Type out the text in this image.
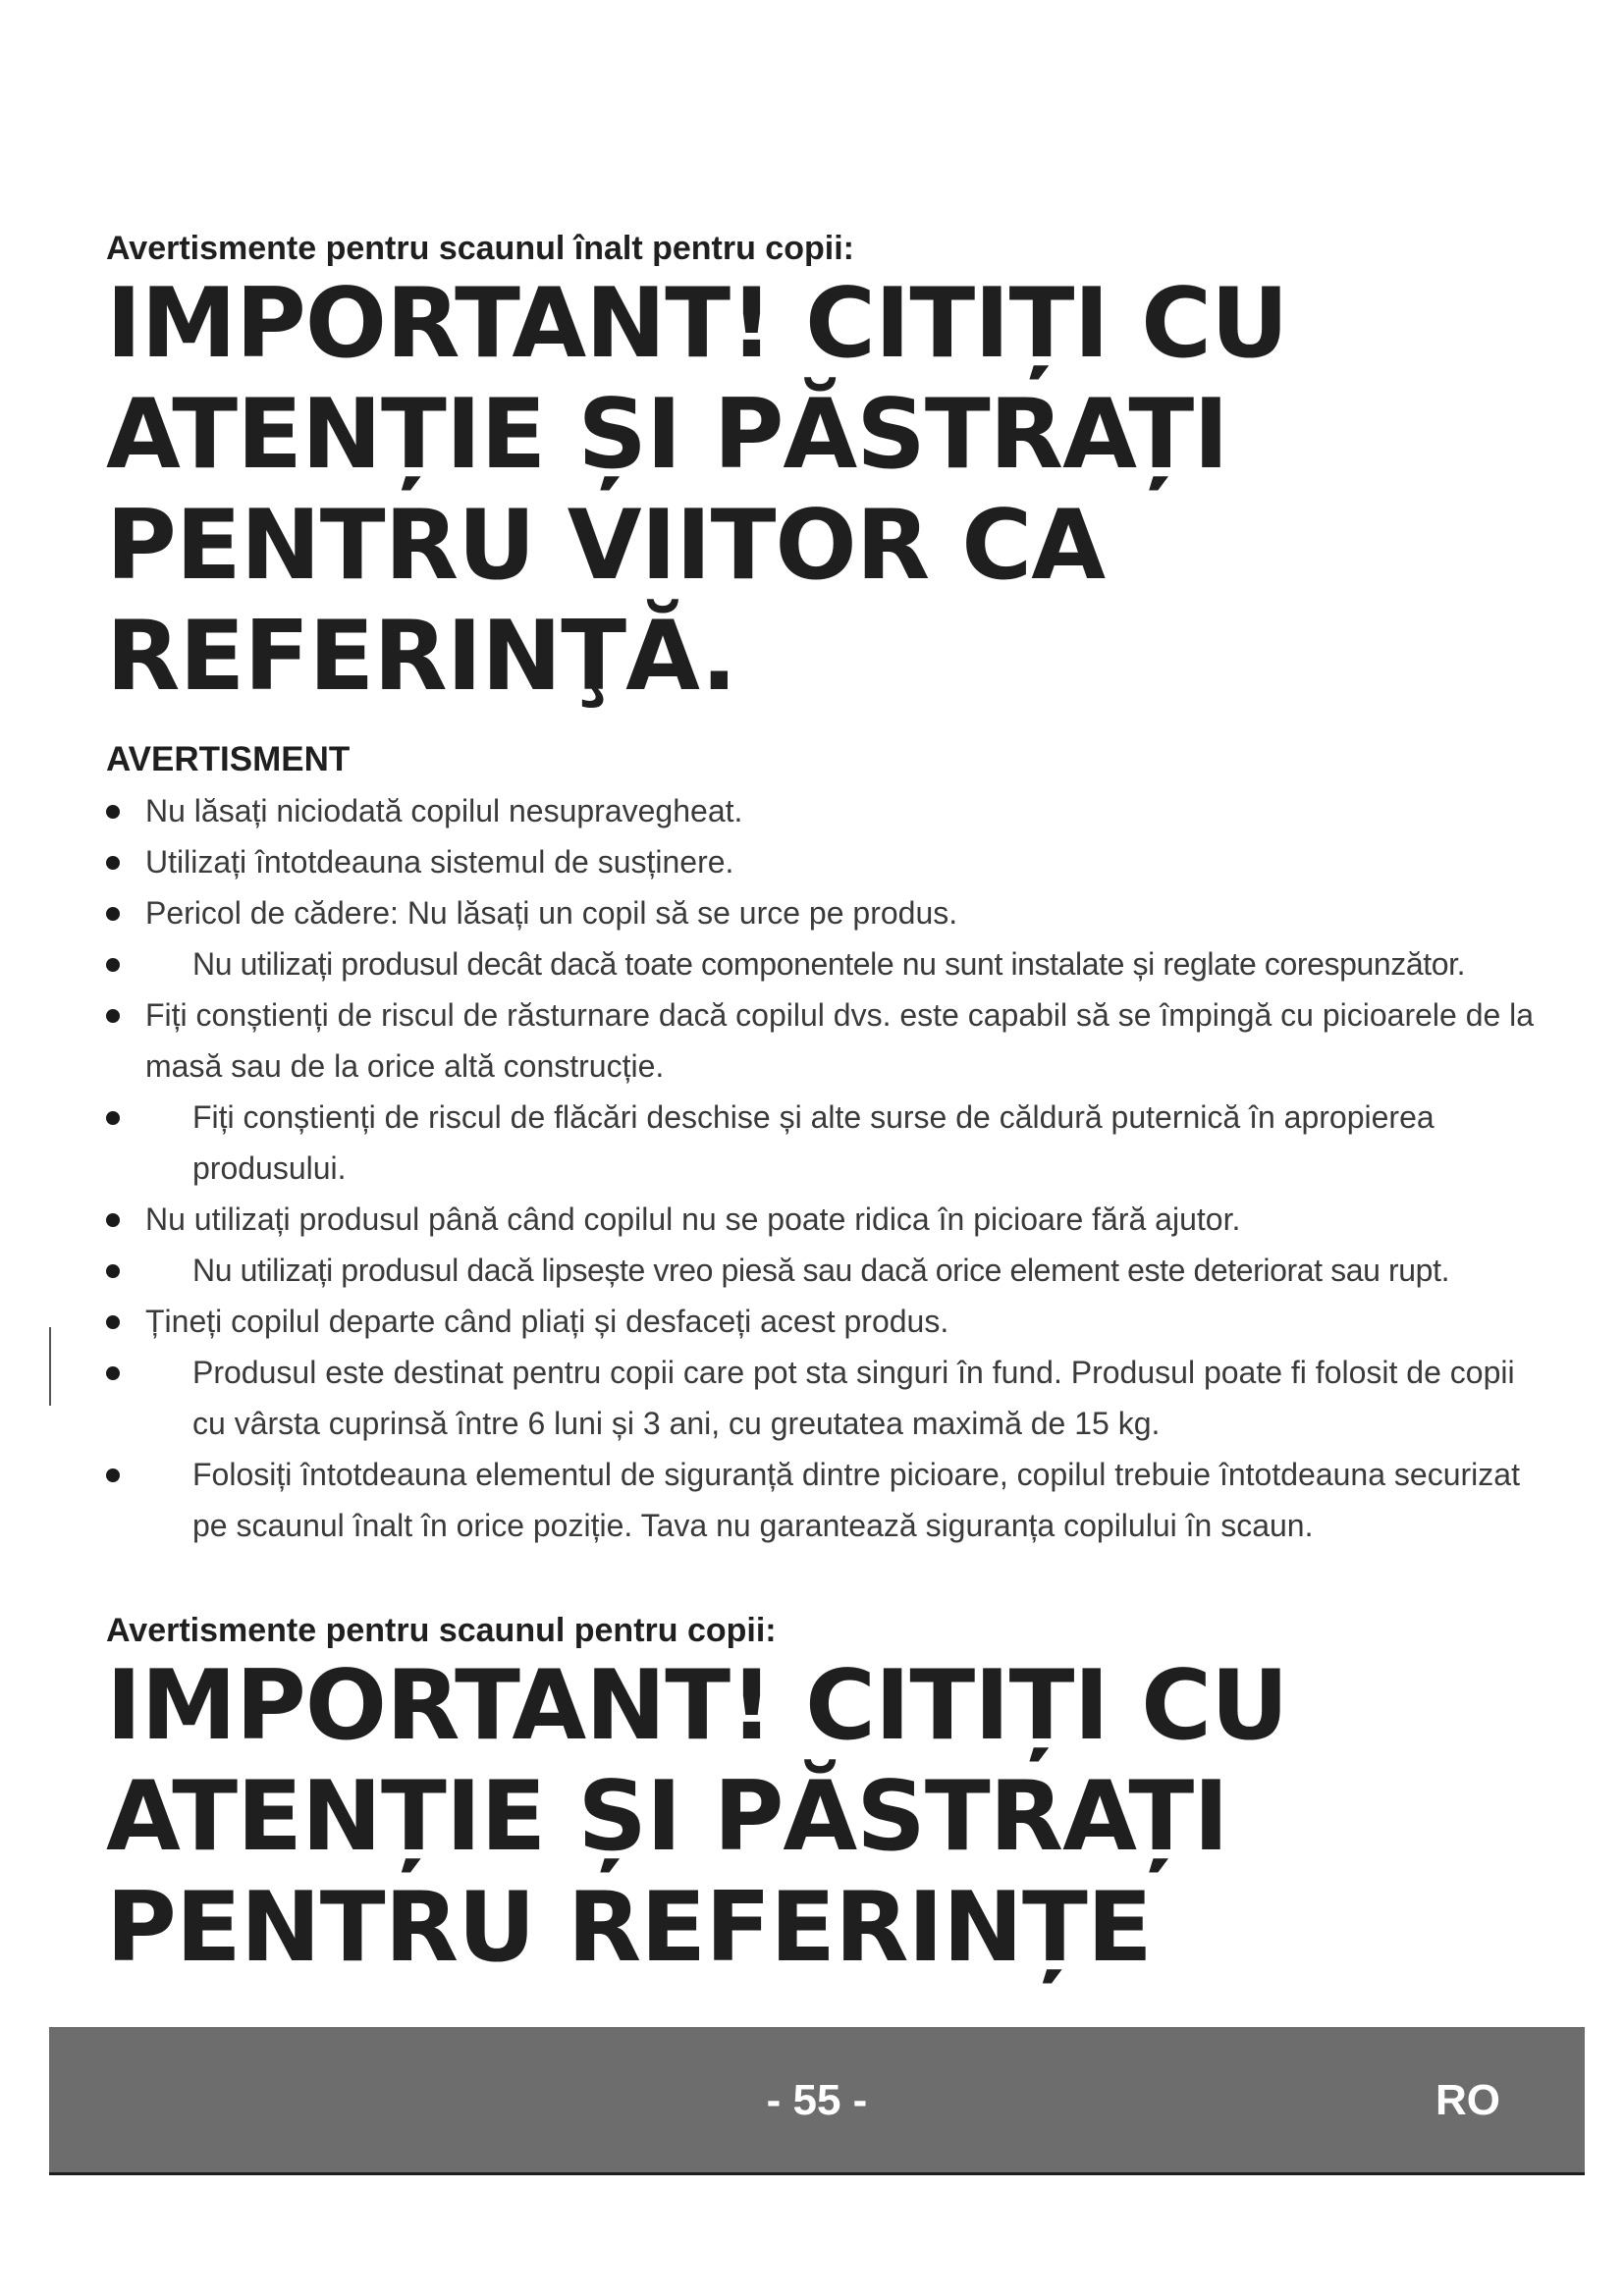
Avertismente pentru scaunul înalt pentru copii:

IMPORTANT! CITIȚI CU
ATENȚIE ȘI PĂSTRAȚI
PENTRU VIITOR CA
REFERINŢĂ.
AVERTISMENT
Nu lăsați niciodată copilul nesupravegheat.
Utilizați întotdeauna sistemul de susținere.
Pericol de cădere: Nu lăsați un copil să se urce pe produs.
Nu utilizați produsul decât dacă toate componentele nu sunt instalate și reglate corespunzător.
Fiți conștienți de riscul de răsturnare dacă copilul dvs. este capabil să se împingă cu picioarele de la masă sau de la orice altă construcție.
Fiți conștienți de riscul de flăcări deschise și alte surse de căldură puternică în apropierea produsului.
Nu utilizați produsul până când copilul nu se poate ridica în picioare fără ajutor.
Nu utilizați produsul dacă lipsește vreo piesă sau dacă orice element este deteriorat sau rupt.
Țineți copilul departe când pliați și desfaceți acest produs.
Produsul este destinat pentru copii care pot sta singuri în fund. Produsul poate fi folosit de copii cu vârsta cuprinsă între 6 luni și 3 ani, cu greutatea maximă de 15 kg.
Folosiți întotdeauna elementul de siguranță dintre picioare, copilul trebuie întotdeauna securizat pe scaunul înalt în orice poziție. Tava nu garantează siguranța copilului în scaun.

Avertismente pentru scaunul pentru copii:

IMPORTANT! CITIȚI CU
ATENȚIE ȘI PĂSTRAȚI
PENTRU REFERINȚE
- 55 -	RO
